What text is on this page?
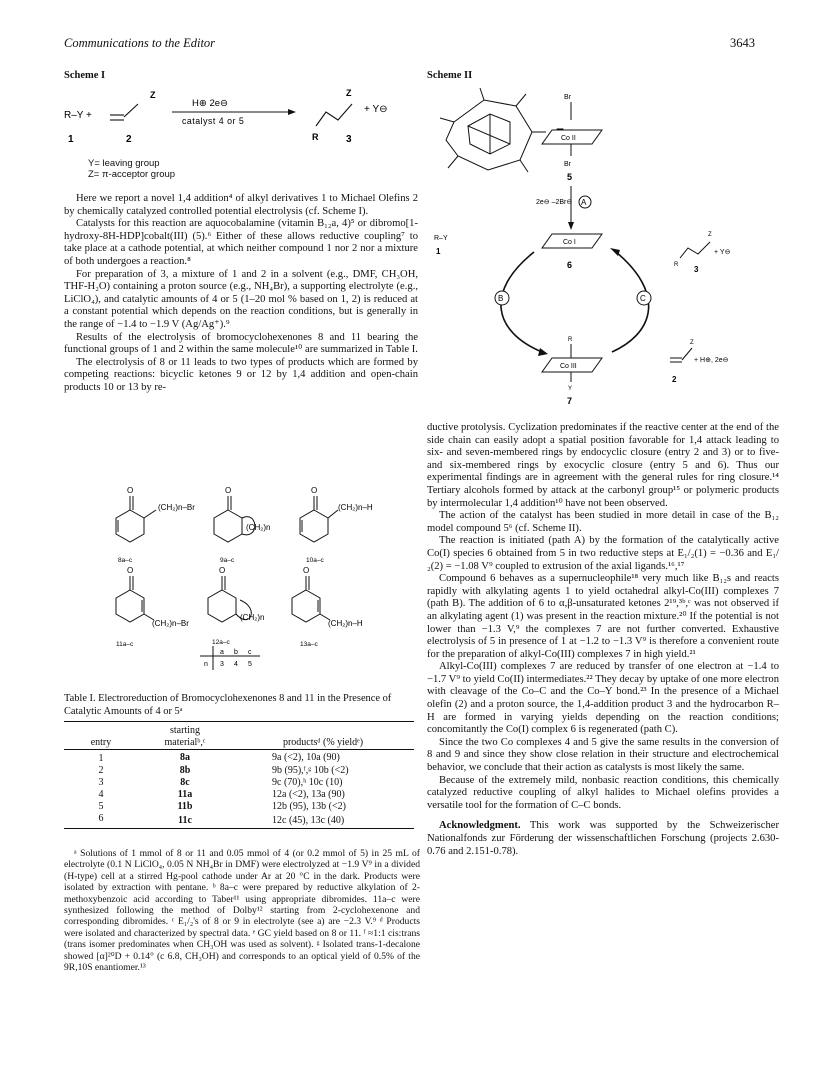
Communications to the Editor	3643
Scheme I
R–Y +
Z
H⊕ 2e⊖
catalyst 4 or 5
Z
R
+ Y⊖
1	2	3
Y= leaving group
Z= π-acceptor group

Here we report a novel 1,4 addition⁴ of alkyl derivatives 1 to Michael Olefins 2 by chemically catalyzed controlled potential electrolysis (cf. Scheme I).

Catalysts for this reaction are aquocobalamine (vitamin B₁₂a, 4)⁵ or dibromo[1-hydroxy-8H-HDP]cobalt(III) (5).⁶ Either of these allows reductive coupling⁷ to take place at a cathode potential, at which neither compound 1 nor 2 nor a mixture of both undergoes a reaction.⁸

For preparation of 3, a mixture of 1 and 2 in a solvent (e.g., DMF, CH₃OH, THF-H₂O) containing a proton source (e.g., NH₄Br), a supporting electrolyte (e.g., LiClO₄), and catalytic amounts of 4 or 5 (1–20 mol % based on 1, 2) is reduced at a constant potential which depends on the reaction conditions, but is generally in the range of −1.4 to −1.9 V (Ag/Ag⁺).⁹

Results of the electrolysis of bromocyclohexenones 8 and 11 bearing the functional groups of 1 and 2 within the same molecule¹⁰ are summarized in Table I.

The electrolysis of 8 or 11 leads to two types of products which are formed by competing reactions: bicyclic ketones 9 or 12 by 1,4 addition and open-chain products 10 or 13 by re-

O
(CH₂)n–Br
8a–c
O
(CH₂)n
9a–c
O
(CH₂)n–H
10a–c
O
(CH₂)n–Br
11a–c
O
(CH₂)n
12a–c
O
(CH₂)n–H
13a–c
a b c
n 3 4 5
Table I. Electroreduction of Bromocyclohexenones 8 and 11 in the Presence of Catalytic Amounts of 4 or 5ᵃ
	starting	
entry	materialᵇ,ᶜ	productsᵈ (% yieldᵉ)
1	8a	9a (<2), 10a (90)
2	8b	9b (95),ᶠ,ᵍ 10b (<2)
3	8c	9c (70),ʰ 10c (10)
4	11a	12a (<2), 13a (90)
5	11b	12b (95), 13b (<2)
6	11c	12c (45), 13c (40)

ᵃ Solutions of 1 mmol of 8 or 11 and 0.05 mmol of 4 (or 0.2 mmol of 5) in 25 mL of electrolyte (0.1 N LiClO₄, 0.05 N NH₄Br in DMF) were electrolyzed at −1.9 V⁹ in a divided (H-type) cell at a stirred Hg-pool cathode under Ar at 20 °C in the dark. Products were isolated by extraction with pentane. ᵇ 8a–c were prepared by reductive alkylation of 2-methoxybenzoic acid according to Taber¹¹ using appropriate dibromides. 11a–c were synthesized following the method of Dolby¹² starting from 2-cyclohexenone and corresponding dibromides. ᶜ E₁/₂'s of 8 or 9 in electrolyte (see a) are −2.3 V.⁹ ᵈ Products were isolated and characterized by spectral data. ᵉ GC yield based on 8 or 11. ᶠ ≈1:1 cis:trans (trans isomer predominates when CH₃OH was used as solvent). ᵍ Isolated trans-1-decalone showed [α]²⁰D + 0.14° (c 6.8, CH₃OH) and corresponds to an optical yield of 0.5% of the 9R,10S enantiomer.¹³

Scheme II
Br
Co II
Br
5
2e⊖ –2Br⊖ A
Co I
6
R–Y
1
B	C
Z
R
+ Y⊖
3
R
Co III
Y
7
Z
+ H⊕, 2e⊖
2

ductive protolysis. Cyclization predominates if the reactive center at the end of the side chain can easily adopt a spatial position favorable for 1,4 attack leading to six- and seven-membered rings by endocyclic closure (entry 2 and 3) or to five- and six-membered rings by exocyclic closure (entry 5 and 6). Thus our experimental findings are in agreement with the general rules for ring closure.¹⁴ Tertiary alcohols formed by attack at the carbonyl group¹⁵ or polymeric products by intermolecular 1,4 addition¹⁰ have not been observed.

The action of the catalyst has been studied in more detail in case of the B₁₂ model compound 5⁶ (cf. Scheme II).

The reaction is initiated (path A) by the formation of the catalytically active Co(I) species 6 obtained from 5 in two reductive steps at E₁/₂(1) = −0.36 and E₁/₂(2) = −1.08 V⁹ coupled to extrusion of the axial ligands.¹⁶,¹⁷

Compound 6 behaves as a supernucleophile¹⁸ very much like B₁₂s and reacts rapidly with alkylating agents 1 to yield octahedral alkyl-Co(III) complexes 7 (path B). The addition of 6 to α,β-unsaturated ketones 2¹⁹,³ᵇ,ᶜ was not observed if an alkylating agent (1) was present in the reaction mixture.²⁰ If the potential is not lower than −1.3 V,⁹ the complexes 7 are not further converted. Exhaustive electrolysis of 5 in presence of 1 at −1.2 to −1.3 V⁹ is therefore a convenient route for the preparation of alkyl-Co(III) complexes 7 in high yield.²¹

Alkyl-Co(III) complexes 7 are reduced by transfer of one electron at −1.4 to −1.7 V⁹ to yield Co(II) intermediates.²² They decay by uptake of one more electron with cleavage of the Co–C and the Co–Y bond.²³ In the presence of a Michael olefin (2) and a proton source, the 1,4-addition product 3 and the hydrocarbon R–H are formed in varying yields depending on the reaction conditions; concomitantly the Co(I) complex 6 is regenerated (path C).

Since the two Co complexes 4 and 5 give the same results in the conversion of 8 and 9 and since they show close relation in their structure and electrochemical behavior, we conclude that their action as catalysts is most likely the same.

Because of the extremely mild, nonbasic reaction conditions, this chemically catalyzed reductive coupling of alkyl halides to Michael olefins provides a versatile tool for the formation of C–C bonds.

Acknowledgment. This work was supported by the Schweizerischer Nationalfonds zur Förderung der wissenschaftlichen Forschung (projects 2.630-0.76 and 2.151-0.78).
